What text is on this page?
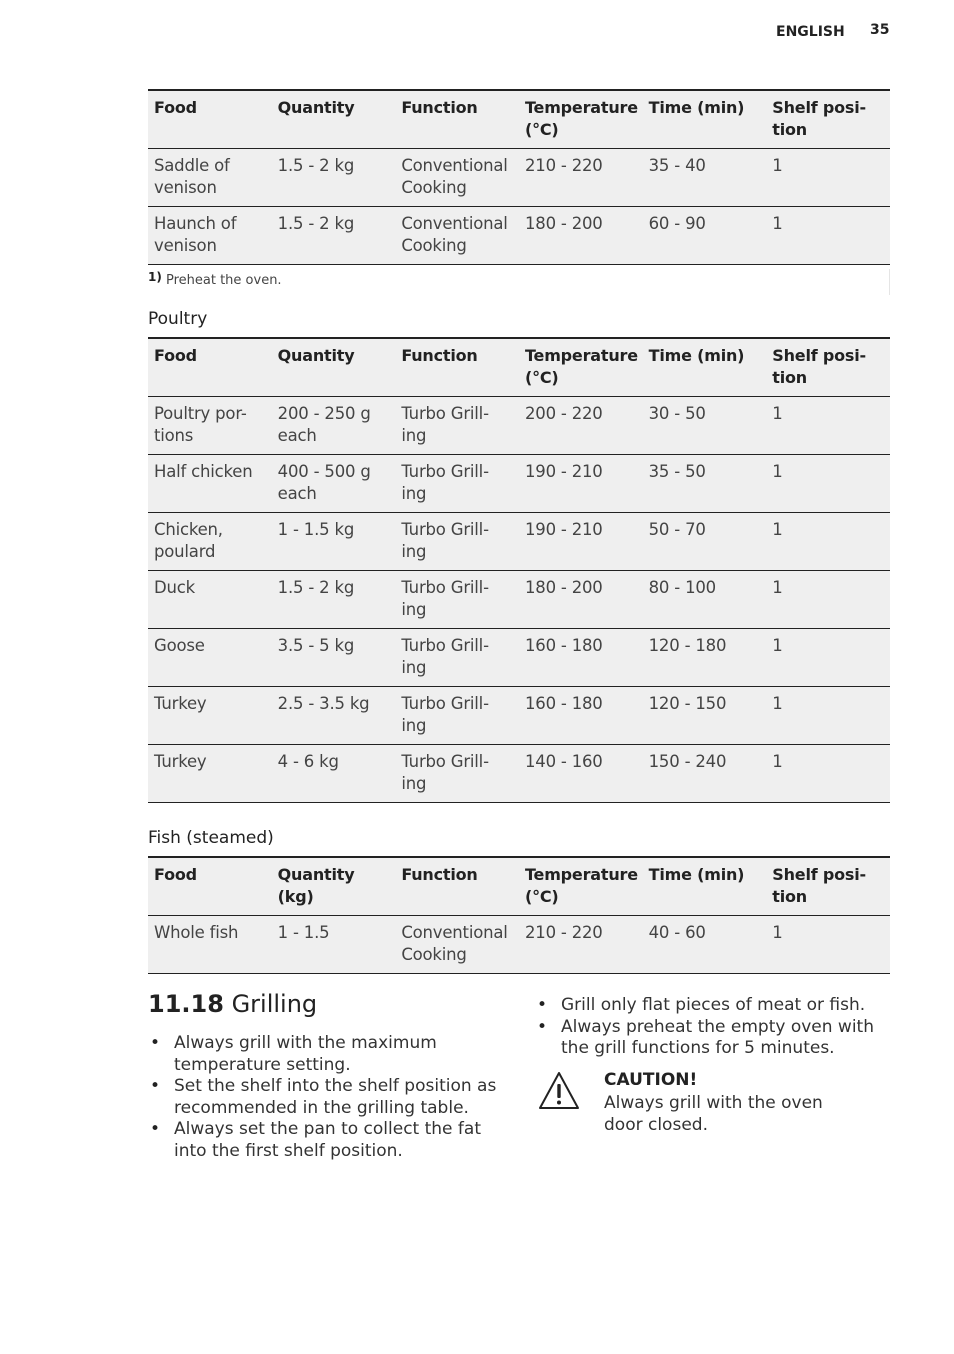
ENGLISH 35
Food	Quantity	Function	Temperature (°C)	Time (min)	Shelf posi- tion
Saddle of venison	1.5 - 2 kg	Conventional Cooking	210 - 220	35 - 40	1
Haunch of venison	1.5 - 2 kg	Conventional Cooking	180 - 200	60 - 90	1
$^{1)}$ Preheat the oven.
Poultry
Food	Quantity	Function	Temperature (°C)	Time (min)	Shelf posi- tion
Poultry por- tions	200 - 250 g each	Turbo Grill- ing	200 - 220	30 - 50	1
Half chicken	400 - 500 g each	Turbo Grill- ing	190 - 210	35 - 50	1
Chicken, poulard	1 - 1.5 kg	Turbo Grill- ing	190 - 210	50 - 70	1
Duck	1.5 - 2 kg	Turbo Grill- ing	180 - 200	80 - 100	1
Goose	3.5 - 5 kg	Turbo Grill- ing	160 - 180	120 - 180	1
Turkey	2.5 - 3.5 kg	Turbo Grill- ing	160 - 180	120 - 150	1
Turkey	4 - 6 kg	Turbo Grill- ing	140 - 160	150 - 240	1
Fish (steamed)
Food	Quantity (kg)	Function	Temperature (°C)	Time (min)	Shelf posi- tion
Whole fish	1 - 1.5	Conventional Cooking	210 - 220	40 - 60	1
11.18 Grilling
• Always grill with the maximum temperature setting.
• Set the shelf into the shelf position as recommended in the grilling table.
• Always set the pan to collect the fat into the first shelf position.
• Grill only flat pieces of meat or fish.
• Always preheat the empty oven with the grill functions for 5 minutes.
CAUTION!
Always grill with the oven door closed.
